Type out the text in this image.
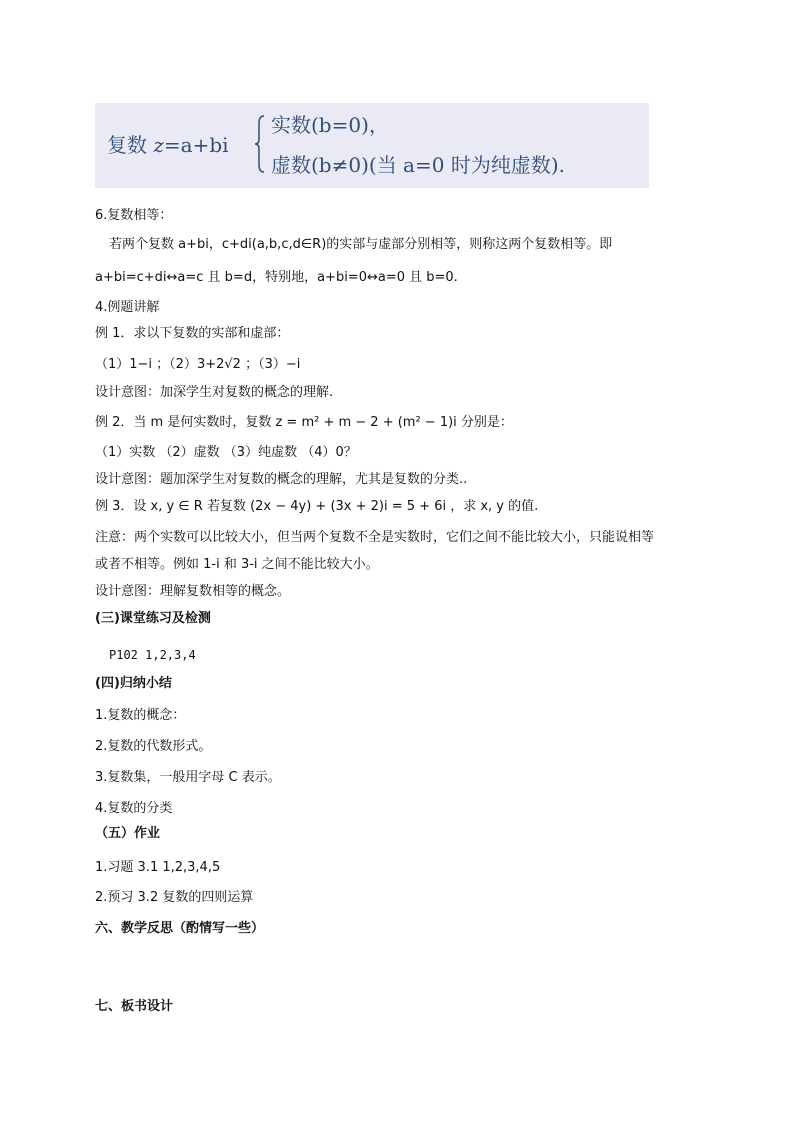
复数 z=a+bi
实数(b=0)，
虚数(b≠0)(当 a=0 时为纯虚数).
6.复数相等：
若两个复数 a+bi，c+di(a,b,c,d∈R)的实部与虚部分别相等，则称这两个复数相等。即
a+bi=c+di↔a=c 且 b=d，特别地，a+bi=0↔a=0 且 b=0.
4.例题讲解
例 1．求以下复数的实部和虚部：
（1）1−i ；（2）3+2√2 ；（3）−i
设计意图：加深学生对复数的概念的理解.
例 2．当 m 是何实数时，复数 z = m² + m − 2 + (m² − 1)i 分别是：
（1）实数 （2）虚数 （3）纯虚数 （4）0？
设计意图：题加深学生对复数的概念的理解，尤其是复数的分类..
例 3．设 x, y ∈ R 若复数 (2x − 4y) + (3x + 2)i = 5 + 6i ，求 x, y 的值.
注意：两个实数可以比较大小，但当两个复数不全是实数时，它们之间不能比较大小，只能说相等
或者不相等。例如 1-i 和 3-i 之间不能比较大小。
设计意图：理解复数相等的概念。
(三)课堂练习及检测
P102 1,2,3,4
(四)归纳小结
1.复数的概念：
2.复数的代数形式。
3.复数集，一般用字母 C 表示。
4.复数的分类
（五）作业
1.习题 3.1 1,2,3,4,5
2.预习 3.2 复数的四则运算
六、教学反思（酌情写一些）
七、板书设计
